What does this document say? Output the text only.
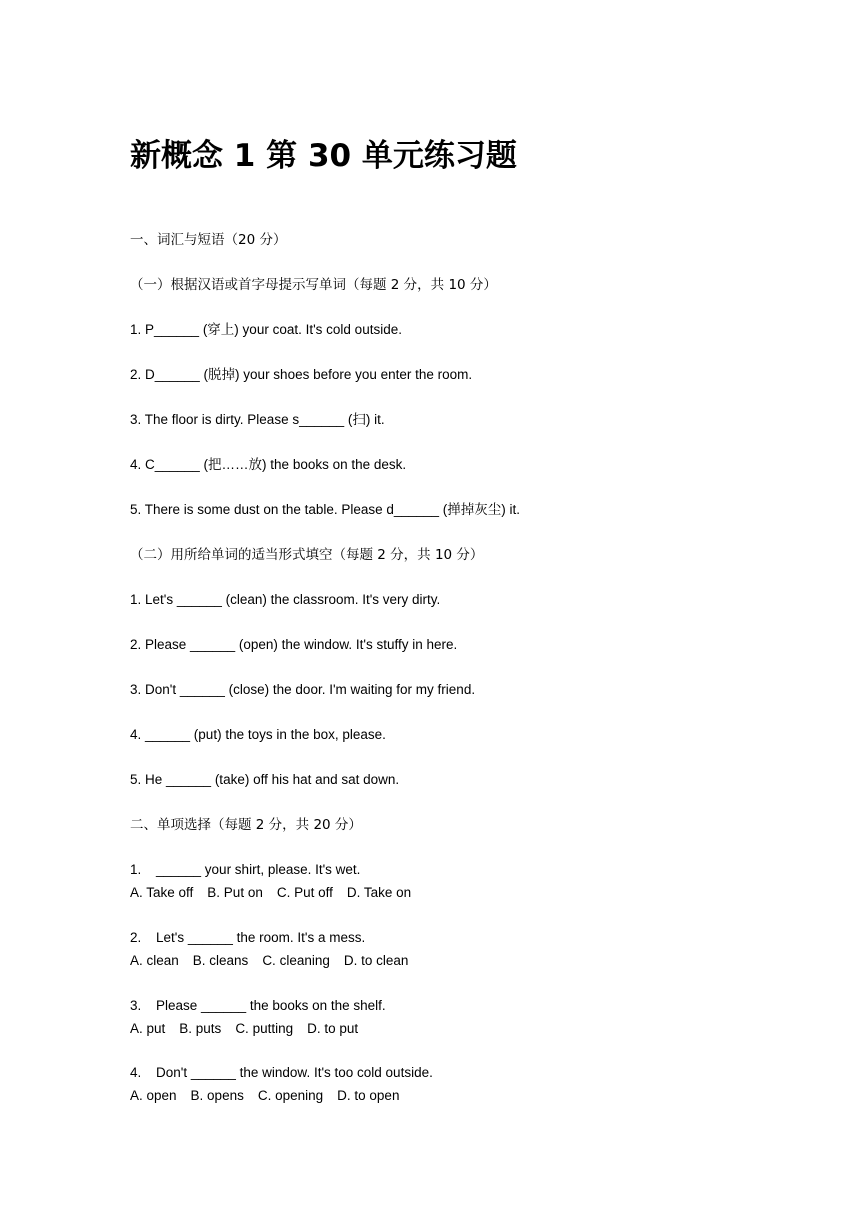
新概念 1 第 30 单元练习题
一、词汇与短语（20 分）
（一）根据汉语或首字母提示写单词（每题 2 分，共 10 分）
1. P______ (穿上) your coat. It's cold outside.
2. D______ (脱掉) your shoes before you enter the room.
3. The floor is dirty. Please s______ (扫) it.
4. C______ (把……放) the books on the desk.
5. There is some dust on the table. Please d______ (掸掉灰尘) it.
（二）用所给单词的适当形式填空（每题 2 分，共 10 分）
1. Let's ______ (clean) the classroom. It's very dirty.
2. Please ______ (open) the window. It's stuffy in here.
3. Don't ______ (close) the door. I'm waiting for my friend.
4. ______ (put) the toys in the box, please.
5. He ______ (take) off his hat and sat down.
二、单项选择（每题 2 分，共 20 分）
1. ______ your shirt, please. It's wet.
A. Take off B. Put on C. Put off D. Take on
2. Let's ______ the room. It's a mess.
A. clean B. cleans C. cleaning D. to clean
3. Please ______ the books on the shelf.
A. put B. puts C. putting D. to put
4. Don't ______ the window. It's too cold outside.
A. open B. opens C. opening D. to open
